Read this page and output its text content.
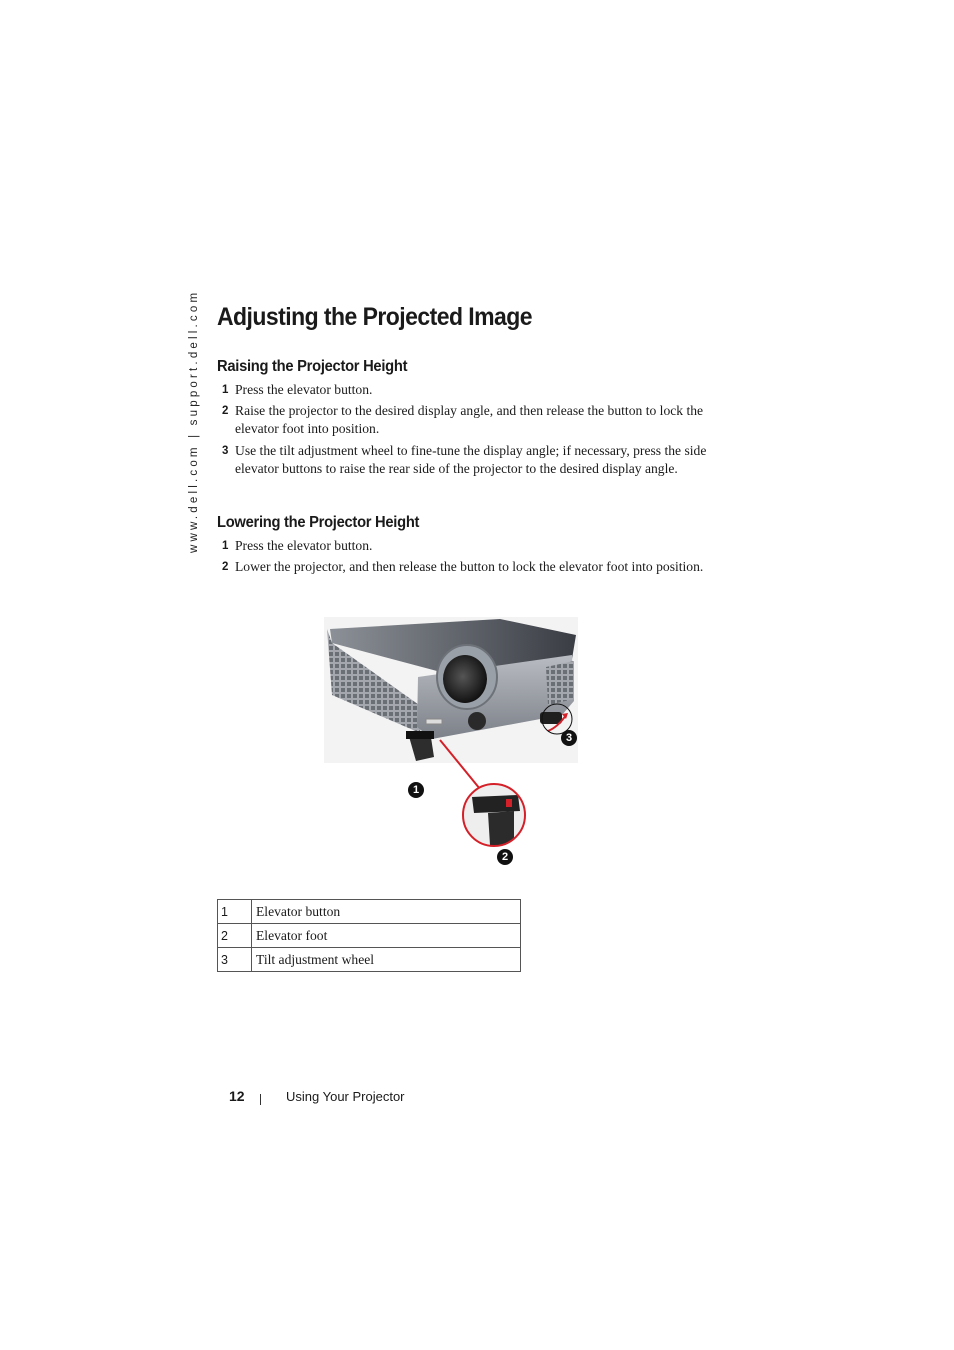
www.dell.com | support.dell.com Adjusting the Projected Image
Raising the Projector Height
1 Press the elevator button.
2 Raise the projector to the desired display angle, and then release the button to lock the elevator foot into position.
3 Use the tilt adjustment wheel to fine-tune the display angle; if necessary, press the side elevator buttons to raise the rear side of the projector to the desired display angle.
Lowering the Projector Height
1 Press the elevator button.
2 Lower the projector, and then release the button to lock the elevator foot into position.
1
2
3
1	Elevator button
2	Elevator foot
3	Tilt adjustment wheel
12	Using Your Projector
